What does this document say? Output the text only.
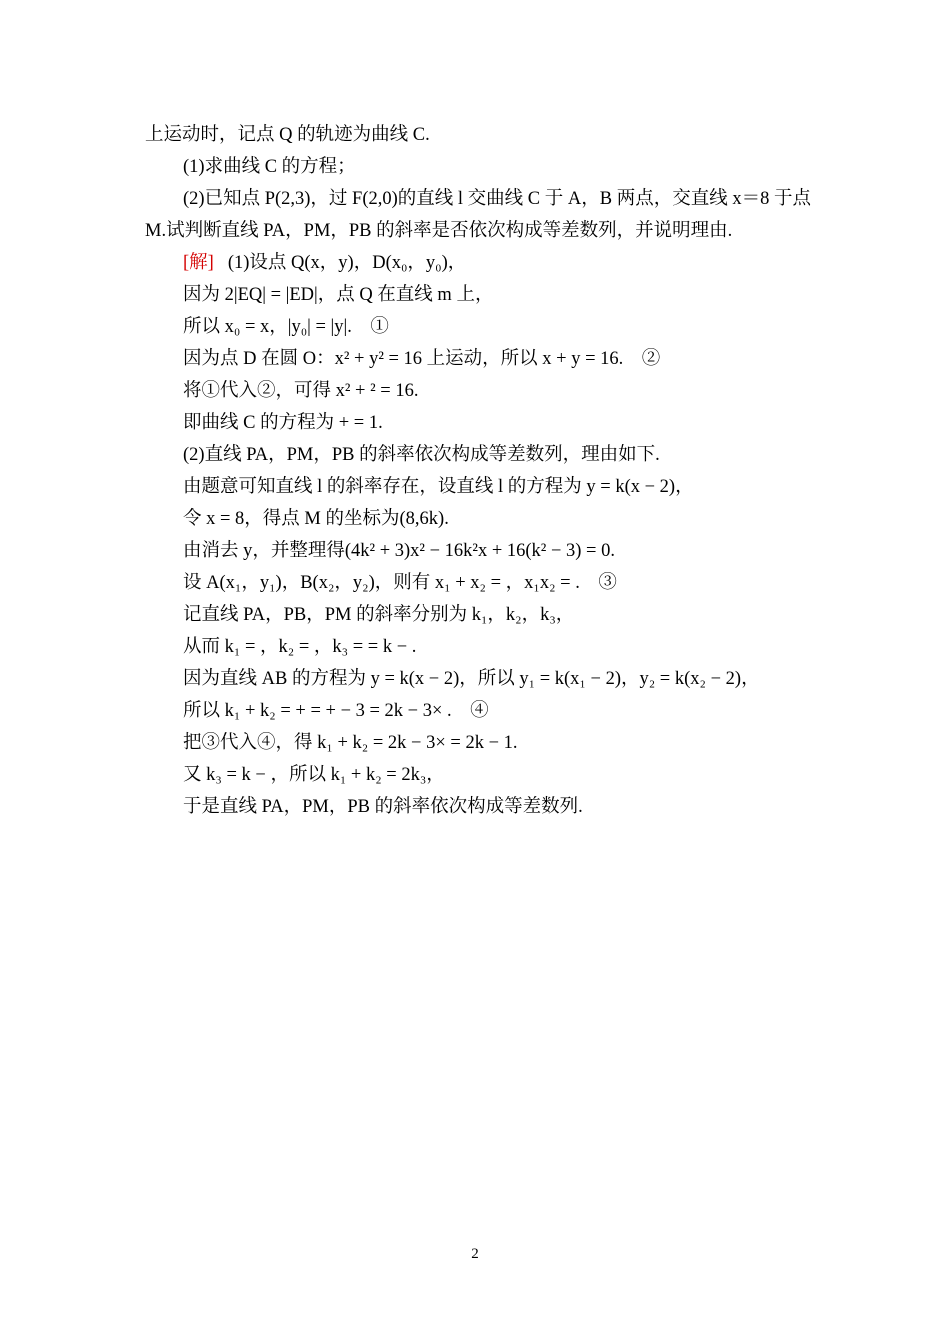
上运动时，记点 Q 的轨迹为曲线 C.
(1)求曲线 C 的方程；
(2)已知点 P(2,3)，过 F(2,0)的直线 l 交曲线 C 于 A，B 两点，交直线 x＝8 于点
M.试判断直线 PA，PM，PB 的斜率是否依次构成等差数列，并说明理由.
[解] (1)设点 Q(x，y)，D(x₀，y₀)，
因为 2|EQ| = |ED|，点 Q 在直线 m 上，
所以 x₀ = x，|y₀| = |y|.　①
因为点 D 在圆 O：x² + y² = 16 上运动，所以 x + y = 16.　②
将①代入②，可得 x² + ² = 16.
即曲线 C 的方程为 + = 1.
(2)直线 PA，PM，PB 的斜率依次构成等差数列，理由如下.
由题意可知直线 l 的斜率存在，设直线 l 的方程为 y = k(x − 2)，
令 x = 8，得点 M 的坐标为(8,6k).
由消去 y，并整理得(4k² + 3)x² − 16k²x + 16(k² − 3) = 0.
设 A(x₁，y₁)，B(x₂，y₂)，则有 x₁ + x₂ = ，x₁x₂ = .　③
记直线 PA，PB，PM 的斜率分别为 k₁，k₂，k₃，
从而 k₁ = ，k₂ = ，k₃ = = k − .
因为直线 AB 的方程为 y = k(x − 2)，所以 y₁ = k(x₁ − 2)，y₂ = k(x₂ − 2)，
所以 k₁ + k₂ = + = + − 3 = 2k − 3× .　④
把③代入④，得 k₁ + k₂ = 2k − 3× = 2k − 1.
又 k₃ = k − ，所以 k₁ + k₂ = 2k₃，
于是直线 PA，PM，PB 的斜率依次构成等差数列.
2
